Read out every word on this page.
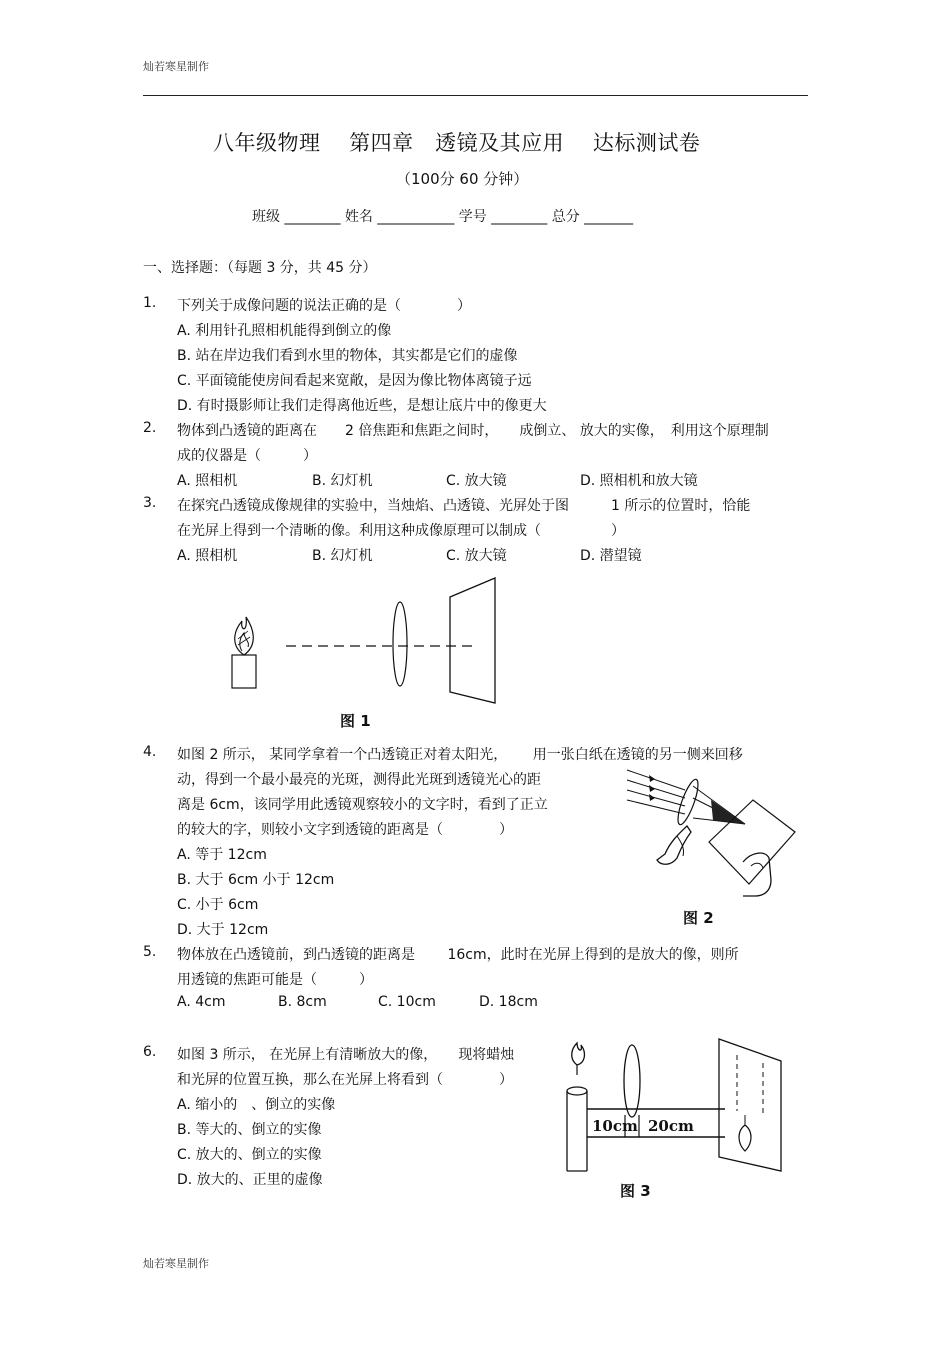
灿若寒星制作
八年级物理　 第四章　透镜及其应用 　达标测试卷
（100分 60 分钟）
班级 ________ 姓名 ___________ 学号 ________ 总分 _______
一、选择题：（每题 3 分，共 45 分）
1. 下列关于成像问题的说法正确的是（　　　　）
A. 利用针孔照相机能得到倒立的像
B. 站在岸边我们看到水里的物体，其实都是它们的虚像
C. 平面镜能使房间看起来宽敞，是因为像比物体离镜子远
D. 有时摄影师让我们走得离他近些，是想让底片中的像更大
2. 物体到凸透镜的距离在　　2 倍焦距和焦距之间时，　　成倒立、 放大的实像，　利用这个原理制
成的仪器是（　　　）
A. 照相机	B. 幻灯机	C. 放大镜	D. 照相机和放大镜
3. 在探究凸透镜成像规律的实验中，当烛焰、凸透镜、光屏处于图　　　1 所示的位置时，恰能
在光屏上得到一个清晰的像。利用这种成像原理可以制成（　　　　　）
A. 照相机	B. 幻灯机	C. 放大镜	D. 潜望镜
图 1
4. 如图 2 所示， 某同学拿着一个凸透镜正对着太阳光，　　 用一张白纸在透镜的另一侧来回移
动，得到一个最小最亮的光斑，测得此光斑到透镜光心的距
离是 6cm，该同学用此透镜观察较小的文字时，看到了正立
的较大的字，则较小文字到透镜的距离是（　　　　）
A. 等于 12cm
B. 大于 6cm 小于 12cm
C. 小于 6cm
D. 大于 12cm
图 2
5. 物体放在凸透镜前，到凸透镜的距离是　　 16cm，此时在光屏上得到的是放大的像，则所
用透镜的焦距可能是（　　　）
A. 4cm	B. 8cm	C. 10cm	D. 18cm
6. 如图 3 所示， 在光屏上有清晰放大的像，　　现将蜡烛
和光屏的位置互换，那么在光屏上将看到（　　　　）
A. 缩小的　、倒立的实像
B. 等大的、倒立的实像
C. 放大的、倒立的实像
D. 放大的、正里的虚像
10cm 20cm
图 3
灿若寒星制作
